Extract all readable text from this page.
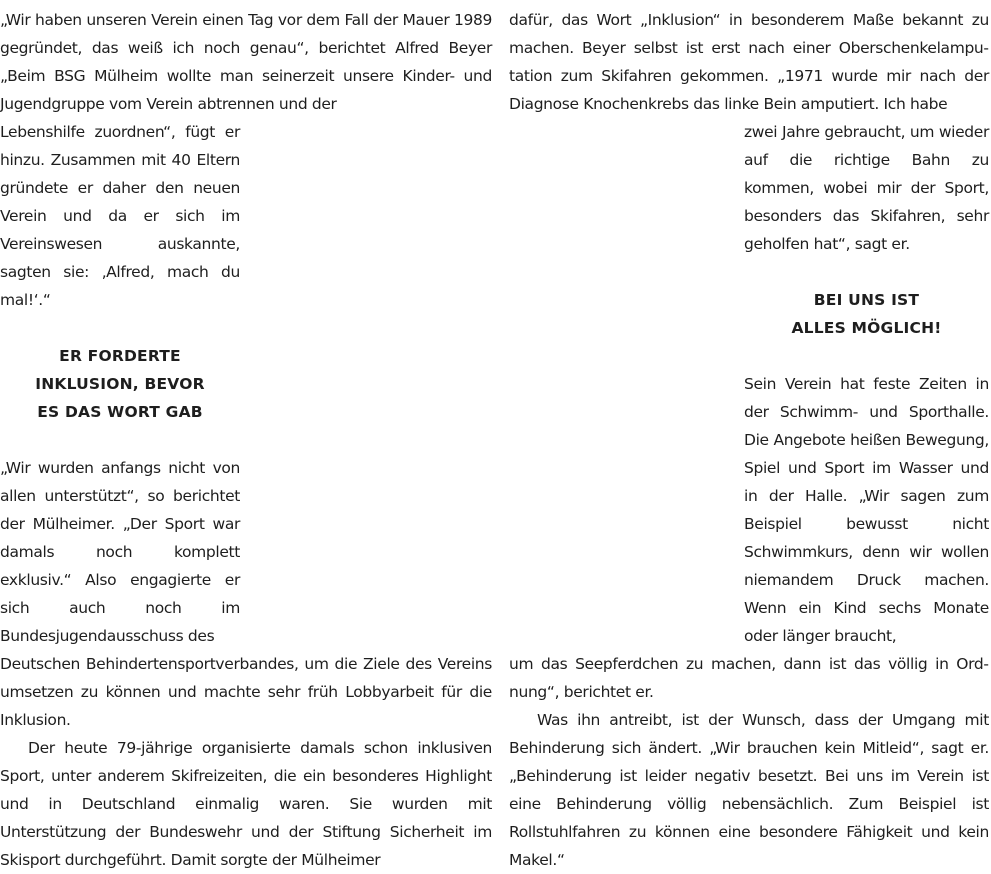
„Wir haben unseren Verein einen Tag vor dem Fall der Mauer 1989 gegründet, das weiß ich noch genau“, berichtet Alfred Beyer „Beim BSG Mülheim wollte man seinerzeit unsere Kinder- und Jugendgruppe vom Verein abtrennen und der

Lebenshilfe zuordnen“, fügt er hinzu. Zusammen mit 40 Eltern gründete er daher den neuen Verein und da er sich im Vereinswesen auskannte, sagten sie: ‚Alfred, mach du mal!‘.“

ER FORDERTE
INKLUSION, BEVOR
ES DAS WORT GAB

„Wir wurden anfangs nicht von allen unterstützt“, so berichtet der Mülheimer. „Der Sport war damals noch komplett exklusiv.“ Also engagierte er sich auch noch im Bundesjugendausschuss des

Deutschen Behindertensportverbandes, um die Ziele des Vereins umsetzen zu können und machte sehr früh Lobbyarbeit für die Inklusion.

Der heute 79-jährige organisierte damals schon inklusiven Sport, unter anderem Skifreizeiten, die ein besonderes Highlight und in Deutschland einmalig waren. Sie wurden mit Unterstützung der Bundeswehr und der Stiftung Sicherheit im Skisport durchgeführt. Damit sorgte der Mülheimer

dafür, das Wort „Inklusion“ in besonderem Maße bekannt zu machen. Beyer selbst ist erst nach einer Oberschenkelamputation zum Skifahren gekommen. „1971 wurde mir nach der Diagnose Knochenkrebs das linke Bein amputiert. Ich habe

zwei Jahre gebraucht, um wieder auf die richtige Bahn zu kommen, wobei mir der Sport, besonders das Skifahren, sehr geholfen hat“, sagt er.

BEI UNS IST
ALLES MÖGLICH!

Sein Verein hat feste Zeiten in der Schwimm- und Sporthalle. Die Angebote heißen Bewegung, Spiel und Sport im Wasser und in der Halle. „Wir sagen zum Beispiel bewusst nicht Schwimmkurs, denn wir wollen niemandem Druck machen. Wenn ein Kind sechs Monate oder länger braucht,

um das Seepferdchen zu machen, dann ist das völlig in Ordnung“, berichtet er.

Was ihn antreibt, ist der Wunsch, dass der Umgang mit Behinderung sich ändert. „Wir brauchen kein Mitleid“, sagt er. „Behinderung ist leider negativ besetzt. Bei uns im Verein ist eine Behinderung völlig nebensächlich. Zum Beispiel ist Rollstuhlfahren zu können eine besondere Fähigkeit und kein Makel.“
